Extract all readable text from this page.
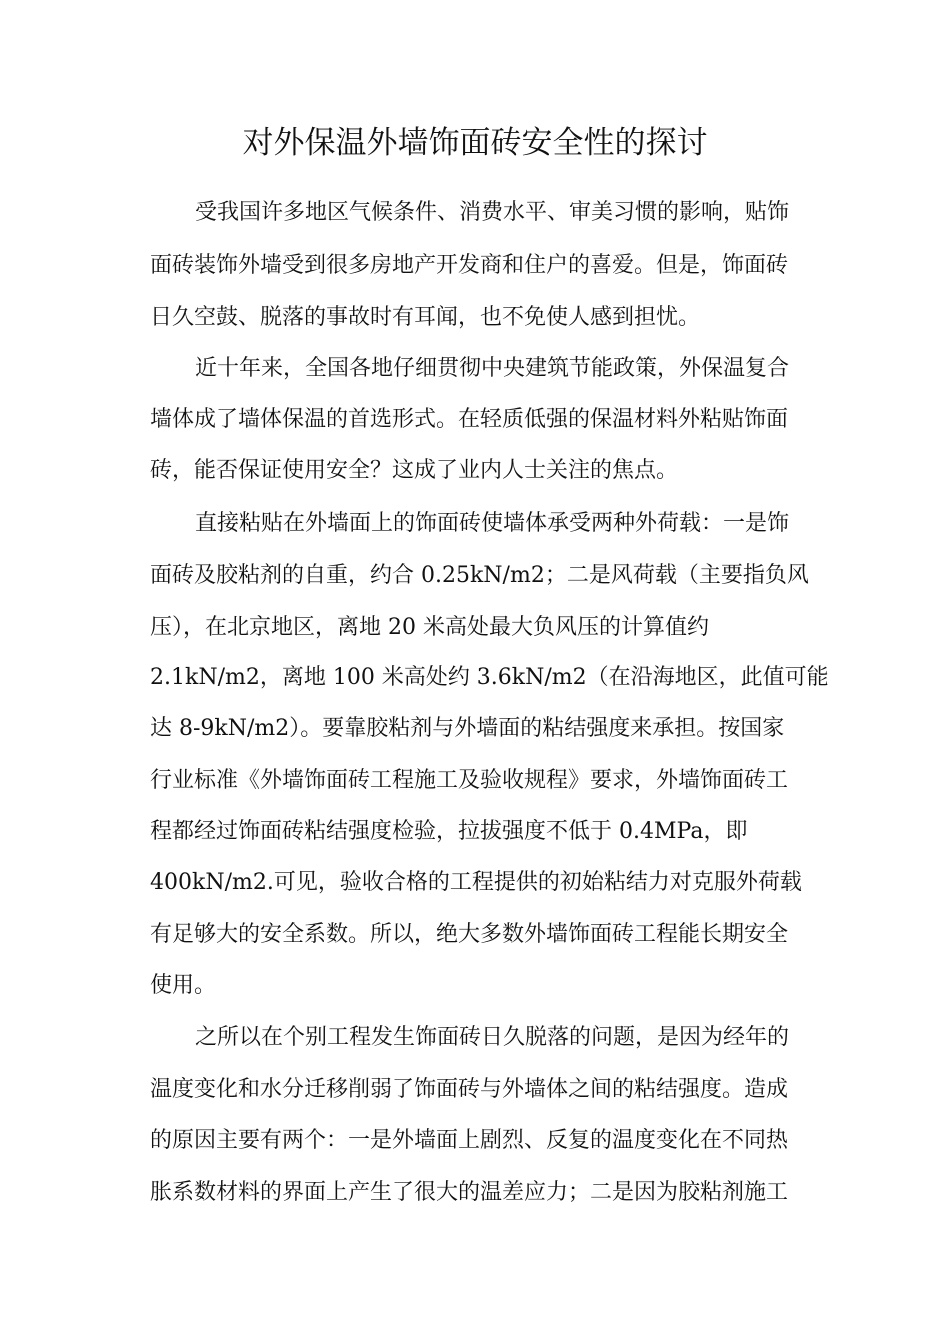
对外保温外墙饰面砖安全性的探讨

受我国许多地区气候条件、消费水平、审美习惯的影响，贴饰

面砖装饰外墙受到很多房地产开发商和住户的喜爱。但是，饰面砖

日久空鼓、脱落的事故时有耳闻，也不免使人感到担忧。

近十年来，全国各地仔细贯彻中央建筑节能政策，外保温复合

墙体成了墙体保温的首选形式。在轻质低强的保温材料外粘贴饰面

砖，能否保证使用安全？这成了业内人士关注的焦点。

直接粘贴在外墙面上的饰面砖使墙体承受两种外荷载：一是饰

面砖及胶粘剂的自重，约合 0.25kN/m2；二是风荷载（主要指负风

压），在北京地区，离地 20 米高处最大负风压的计算值约

2.1kN/m2，离地 100 米高处约 3.6kN/m2（在沿海地区，此值可能

达 8-9kN/m2）。要靠胶粘剂与外墙面的粘结强度来承担。按国家

行业标准《外墙饰面砖工程施工及验收规程》要求，外墙饰面砖工

程都经过饰面砖粘结强度检验，拉拔强度不低于 0.4MPa，即

400kN/m2.可见，验收合格的工程提供的初始粘结力对克服外荷载

有足够大的安全系数。所以，绝大多数外墙饰面砖工程能长期安全

使用。

之所以在个别工程发生饰面砖日久脱落的问题，是因为经年的

温度变化和水分迁移削弱了饰面砖与外墙体之间的粘结强度。造成

的原因主要有两个：一是外墙面上剧烈、反复的温度变化在不同热

胀系数材料的界面上产生了很大的温差应力；二是因为胶粘剂施工
